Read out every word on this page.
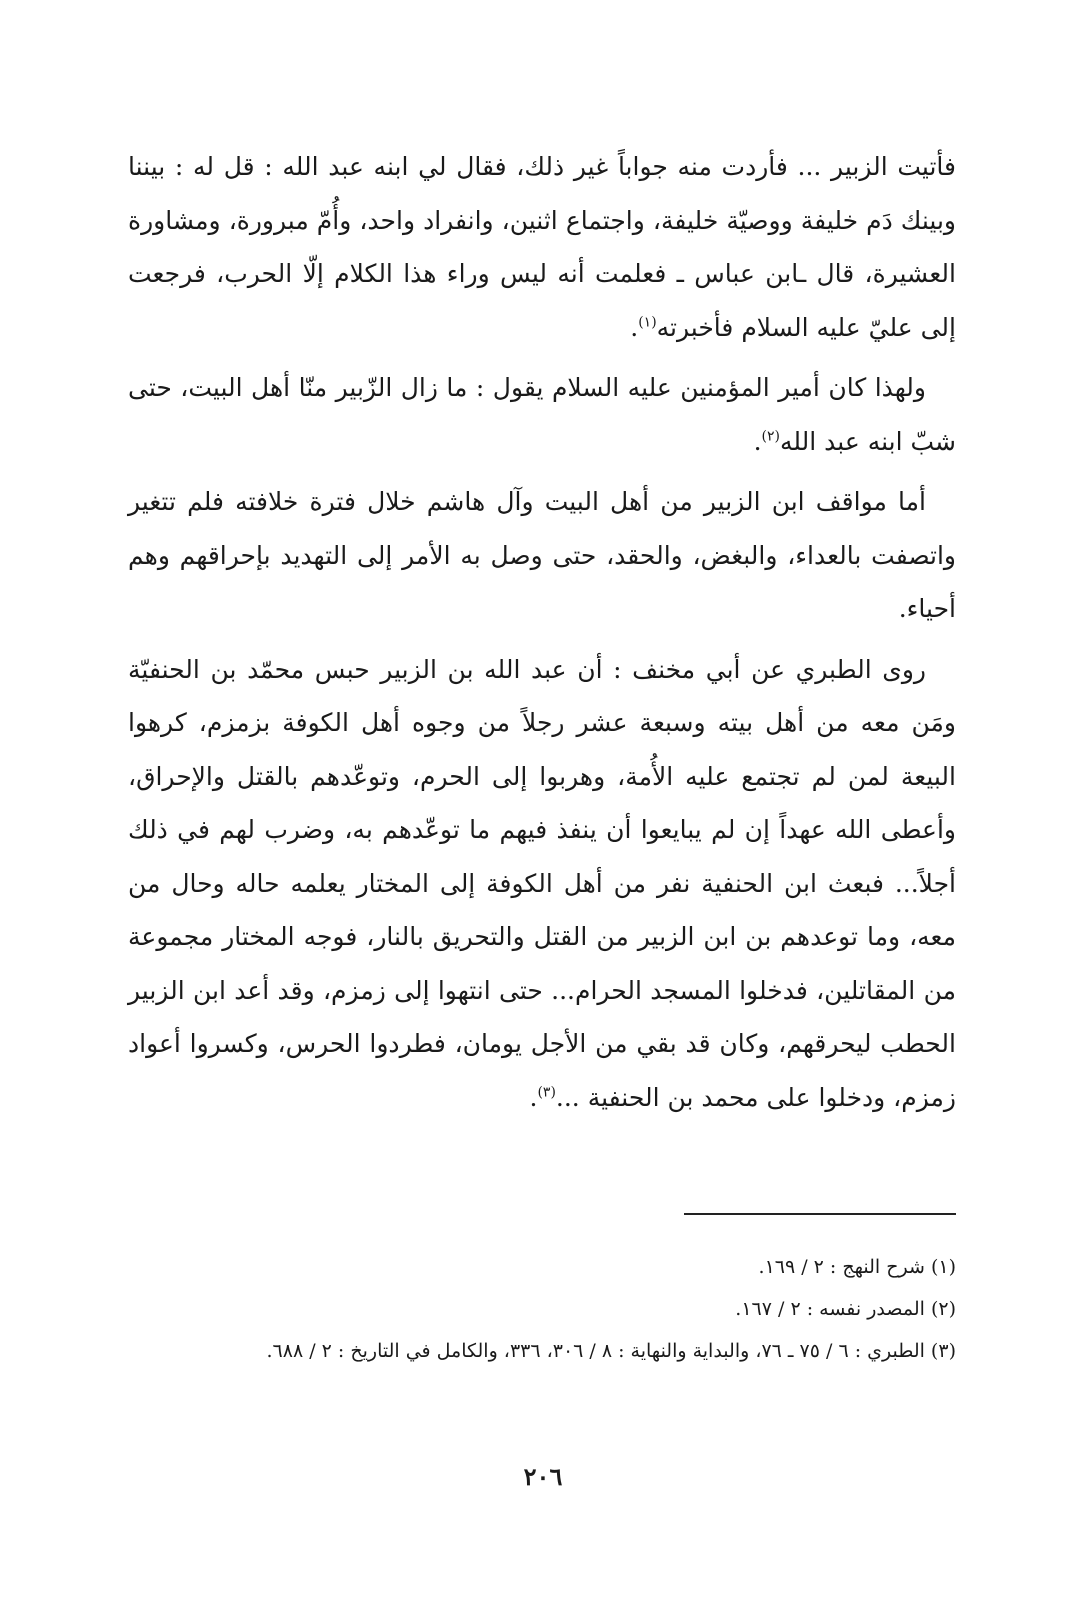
فأتيت الزبير ... فأردت منه جواباً غير ذلك، فقال لي ابنه عبد الله : قل له : بيننا وبينك دَم خليفة ووصيّة خليفة، واجتماع اثنين، وانفراد واحد، وأُمّ مبرورة، ومشاورة العشيرة، قال ـابن عباس ـ فعلمت أنه ليس وراء هذا الكلام إلّا الحرب، فرجعت إلى عليّ عليه السلام فأخبرته$^{(١)}$.

ولهذا كان أمير المؤمنين عليه السلام يقول : ما زال الزّبير منّا أهل البيت، حتى شبّ ابنه عبد الله$^{(٢)}$.

أما مواقف ابن الزبير من أهل البيت وآل هاشم خلال فترة خلافته فلم تتغير واتصفت بالعداء، والبغض، والحقد، حتى وصل به الأمر إلى التهديد بإحراقهم وهم أحياء.

روى الطبري عن أبي مخنف : أن عبد الله بن الزبير حبس محمّد بن الحنفيّة ومَن معه من أهل بيته وسبعة عشر رجلاً من وجوه أهل الكوفة بزمزم، كرهوا البيعة لمن لم تجتمع عليه الأُمة، وهربوا إلى الحرم، وتوعّدهم بالقتل والإحراق، وأعطى الله عهداً إن لم يبايعوا أن ينفذ فيهم ما توعّدهم به، وضرب لهم في ذلك أجلاً... فبعث ابن الحنفية نفر من أهل الكوفة إلى المختار يعلمه حاله وحال من معه، وما توعدهم بن ابن الزبير من القتل والتحريق بالنار، فوجه المختار مجموعة من المقاتلين، فدخلوا المسجد الحرام... حتى انتهوا إلى زمزم، وقد أعد ابن الزبير الحطب ليحرقهم، وكان قد بقي من الأجل يومان، فطردوا الحرس، وكسروا أعواد زمزم، ودخلوا على محمد بن الحنفية ...$^{(٣)}$.

(١) شرح النهج : ٢ / ١٦٩.

(٢) المصدر نفسه : ٢ / ١٦٧.

(٣) الطبري : ٦ / ٧٥ ـ ٧٦، والبداية والنهاية : ٨ / ٣٠٦، ٣٣٦، والكامل في التاريخ : ٢ / ٦٨٨.

٢٠٦
